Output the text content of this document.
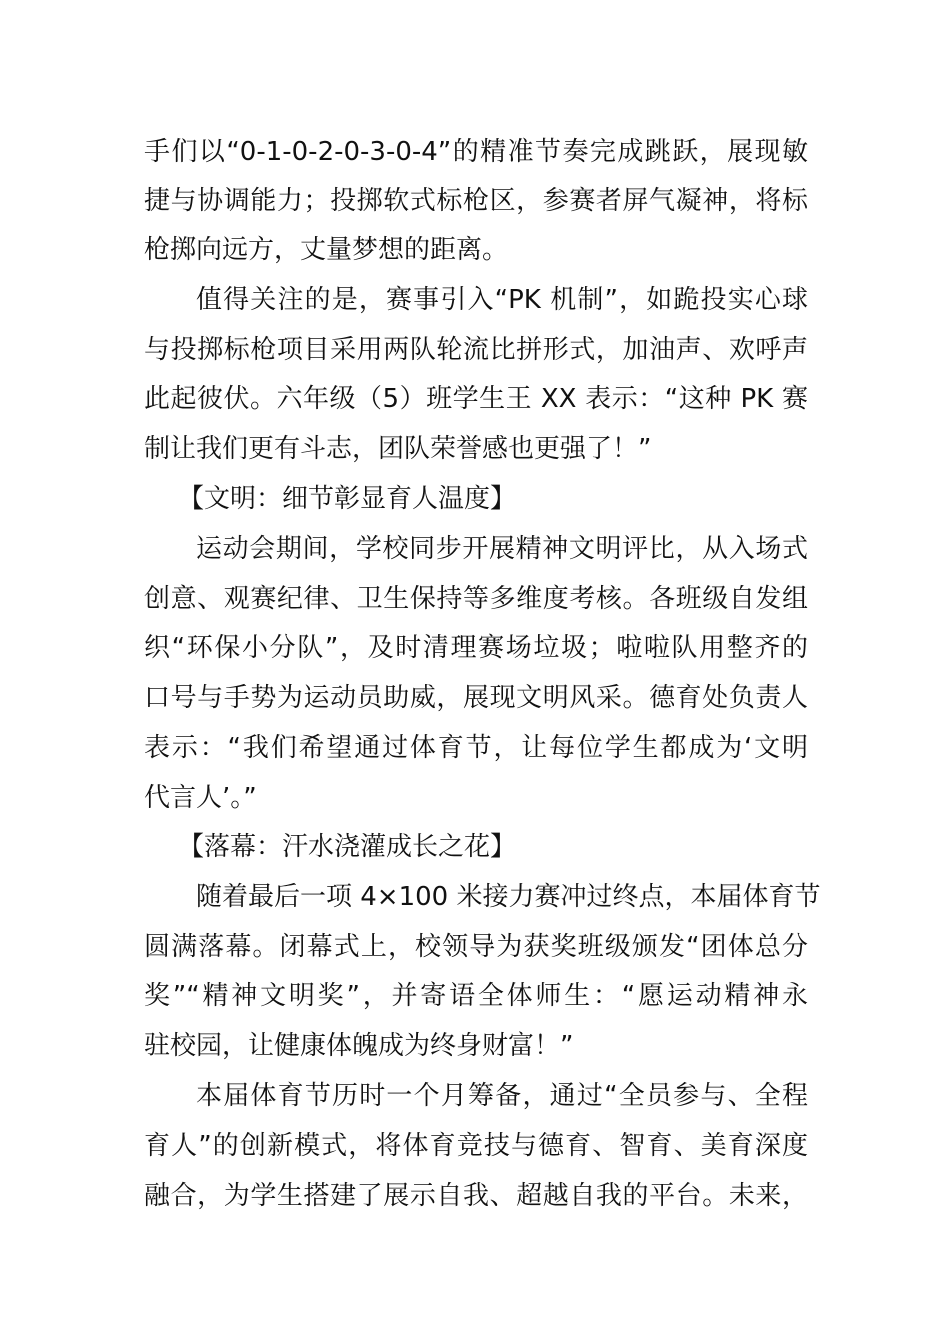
手们以“0-1-0-2-0-3-0-4”的精准节奏完成跳跃，展现敏
捷与协调能力；投掷软式标枪区，参赛者屏气凝神，将标
枪掷向远方，丈量梦想的距离。
值得关注的是，赛事引入“PK 机制”，如跪投实心球
与投掷标枪项目采用两队轮流比拼形式，加油声、欢呼声
此起彼伏。六年级（5）班学生王 XX 表示：“这种 PK 赛
制让我们更有斗志，团队荣誉感也更强了！”
【文明：细节彰显育人温度】
运动会期间，学校同步开展精神文明评比，从入场式
创意、观赛纪律、卫生保持等多维度考核。各班级自发组
织“环保小分队”，及时清理赛场垃圾；啦啦队用整齐的
口号与手势为运动员助威，展现文明风采。德育处负责人
表示：“我们希望通过体育节，让每位学生都成为‘文明
代言人’。”
【落幕：汗水浇灌成长之花】
随着最后一项 4×100 米接力赛冲过终点，本届体育节
圆满落幕。闭幕式上，校领导为获奖班级颁发“团体总分
奖”“精神文明奖”，并寄语全体师生：“愿运动精神永
驻校园，让健康体魄成为终身财富！”
本届体育节历时一个月筹备，通过“全员参与、全程
育人”的创新模式，将体育竞技与德育、智育、美育深度
融合，为学生搭建了展示自我、超越自我的平台。未来，
